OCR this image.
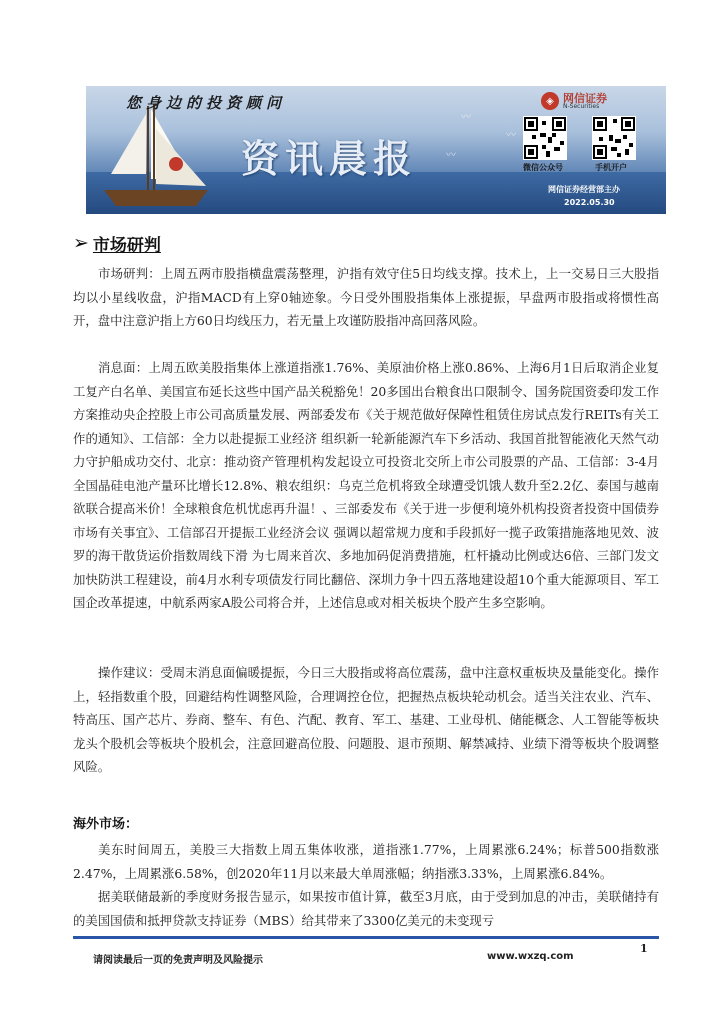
〰
〰
〰
您身边的投资顾问
资讯晨报
◈ 网信证券
N-Securities
微信公众号	手机开户
网信证券经营部主办
2022.05.30
➢ 市场研判

市场研判：上周五两市股指横盘震荡整理，沪指有效守住5日均线支撑。技术上，上一交易日三大股指均以小星线收盘，沪指MACD有上穿0轴迹象。今日受外围股指集体上涨提振，早盘两市股指或将惯性高开，盘中注意沪指上方60日均线压力，若无量上攻谨防股指冲高回落风险。

消息面：上周五欧美股指集体上涨道指涨1.76%、美原油价格上涨0.86%、上海6月1日后取消企业复工复产白名单、美国宣布延长这些中国产品关税豁免！20多国出台粮食出口限制令、国务院国资委印发工作方案推动央企控股上市公司高质量发展、两部委发布《关于规范做好保障性租赁住房试点发行REITs有关工作的通知》、工信部：全力以赴提振工业经济 组织新一轮新能源汽车下乡活动、我国首批智能液化天然气动力守护船成功交付、北京：推动资产管理机构发起设立可投资北交所上市公司股票的产品、工信部：3-4月全国晶硅电池产量环比增长12.8%、粮农组织：乌克兰危机将致全球遭受饥饿人数升至2.2亿、泰国与越南欲联合提高米价！全球粮食危机忧虑再升温！、三部委发布《关于进一步便利境外机构投资者投资中国债券市场有关事宜》、工信部召开提振工业经济会议 强调以超常规力度和手段抓好一揽子政策措施落地见效、波罗的海干散货运价指数周线下滑 为七周来首次、多地加码促消费措施，杠杆撬动比例或达6倍、三部门发文加快防洪工程建设，前4月水利专项债发行同比翻倍、深圳力争十四五落地建设超10个重大能源项目、军工国企改革提速，中航系两家A股公司将合并，上述信息或对相关板块个股产生多空影响。

操作建议：受周末消息面偏暖提振，今日三大股指或将高位震荡，盘中注意权重板块及量能变化。操作上，轻指数重个股，回避结构性调整风险，合理调控仓位，把握热点板块轮动机会。适当关注农业、汽车、特高压、国产芯片、券商、整车、有色、汽配、教育、军工、基建、工业母机、储能概念、人工智能等板块龙头个股机会等板块个股机会，注意回避高位股、问题股、退市预期、解禁减持、业绩下滑等板块个股调整风险。

海外市场：

美东时间周五，美股三大指数上周五集体收涨，道指涨1.77%，上周累涨6.24%；标普500指数涨2.47%，上周累涨6.58%，创2020年11月以来最大单周涨幅；纳指涨3.33%，上周累涨6.84%。

据美联储最新的季度财务报告显示，如果按市值计算，截至3月底，由于受到加息的冲击，美联储持有的美国国债和抵押贷款支持证券（MBS）给其带来了3300亿美元的未变现亏

1
请阅读最后一页的免责声明及风险提示	www.wxzq.com
